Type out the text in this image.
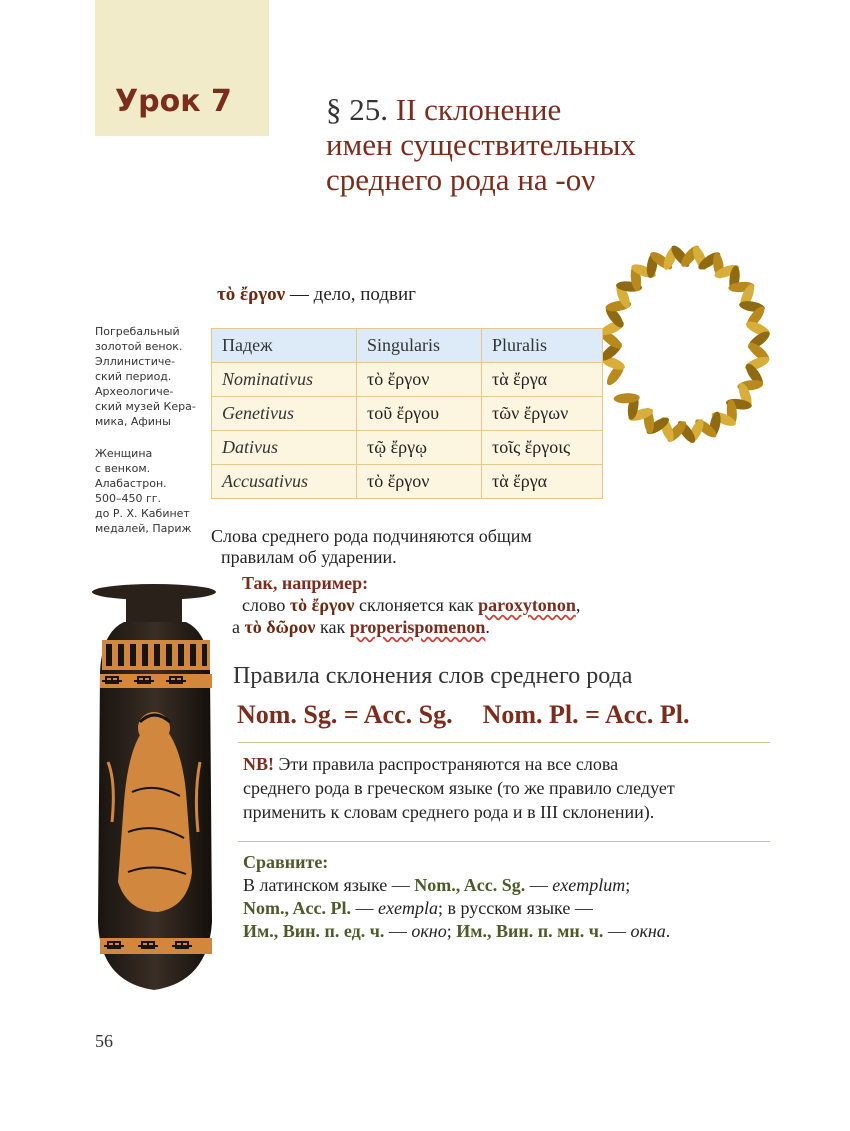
Урок 7	§ 25. II склонение
имен существительных
среднего рода на -ον
τὸ ἔργον — дело, подвиг
Погребальный
золотой венок.
Эллинистиче-
ский период.
Археологиче-
ский музей Кера-
мика, Афины
Женщина
с венком.
Алабастрон.
500–450 гг.
до Р. Х. Кабинет
медалей, Париж
Падеж	Singularis	Pluralis
Nominativus	τὸ ἔργον	τὰ ἔργα
Genetivus	τοῦ ἔργου	τῶν ἔργων
Dativus	τῷ ἔργῳ	τοῖς ἔργοις
Accusativus	τὸ ἔργον	τὰ ἔργα
Слова среднего рода подчиняются общим
правилам об ударении.
Так, например:
слово τὸ ἔργον склоняется как paroxytonon,
а τὸ δῶρον как properispomenon.
Правила склонения слов среднего рода
Nom. Sg. = Acc. Sg. Nom. Pl. = Acc. Pl.
NB! Эти правила распространяются на все слова
среднего рода в греческом языке (то же правило следует
применить к словам среднего рода и в III склонении).
Сравните:
В латинском языке — Nom., Acc. Sg. — exemplum;
Nom., Acc. Pl. — exempla; в русском языке —
Им., Вин. п. ед. ч. — окно; Им., Вин. п. мн. ч. — окна.
56
